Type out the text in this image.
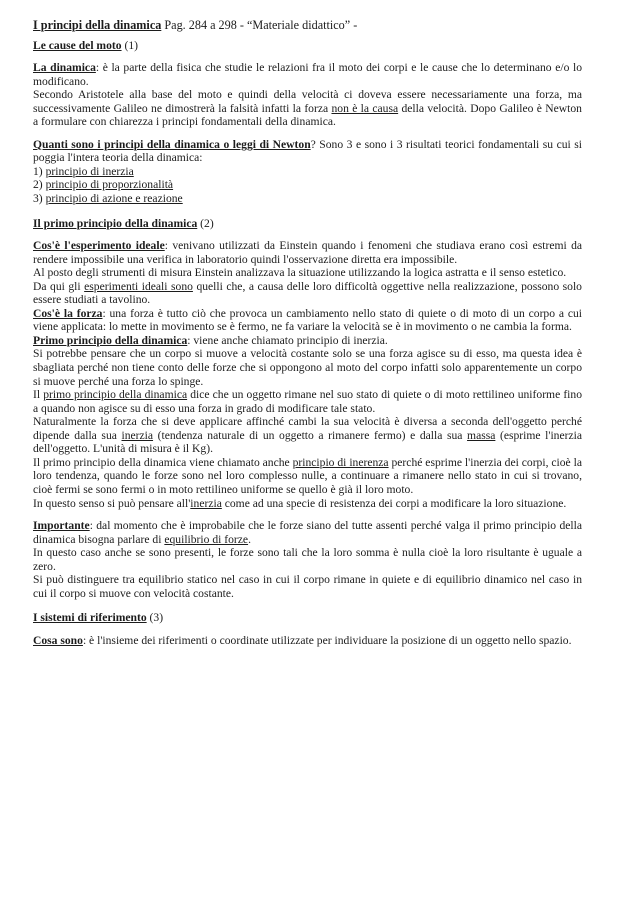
I principi della dinamica Pag. 284 a 298 - “Materiale didattico” -

Le cause del moto (1)

La dinamica: è la parte della fisica che studie le relazioni fra il moto dei corpi e le cause che lo determinano e/o lo modificano.

Secondo Aristotele alla base del moto e quindi della velocità ci doveva essere necessariamente una forza, ma successivamente Galileo ne dimostrerà la falsità infatti la forza non è la causa della velocità. Dopo Galileo è Newton a formulare con chiarezza i principi fondamentali della dinamica.

Quanti sono i principi della dinamica o leggi di Newton? Sono 3 e sono i 3 risultati teorici fondamentali su cui si poggia l'intera teoria della dinamica:

1) principio di inerzia
2) principio di proporzionalità
3) principio di azione e reazione

Il primo principio della dinamica (2)

Cos'è l'esperimento ideale: venivano utilizzati da Einstein quando i fenomeni che studiava erano così estremi da rendere impossibile una verifica in laboratorio quindi l'osservazione diretta era impossibile.

Al posto degli strumenti di misura Einstein analizzava la situazione utilizzando la logica astratta e il senso estetico.

Da qui gli esperimenti ideali sono quelli che, a causa delle loro difficoltà oggettive nella realizzazione, possono solo essere studiati a tavolino.

Cos'è la forza: una forza è tutto ciò che provoca un cambiamento nello stato di quiete o di moto di un corpo a cui viene applicata: lo mette in movimento se è fermo, ne fa variare la velocità se è in movimento o ne cambia la forma.

Primo principio della dinamica: viene anche chiamato principio di inerzia.

Si potrebbe pensare che un corpo si muove a velocità costante solo se una forza agisce su di esso, ma questa idea è sbagliata perché non tiene conto delle forze che si oppongono al moto del corpo infatti solo apparentemente un corpo si muove perché una forza lo spinge.

Il primo principio della dinamica dice che un oggetto rimane nel suo stato di quiete o di moto rettilineo uniforme fino a quando non agisce su di esso una forza in grado di modificare tale stato.

Naturalmente la forza che si deve applicare affinché cambi la sua velocità è diversa a seconda dell'oggetto perché dipende dalla sua inerzia (tendenza naturale di un oggetto a rimanere fermo) e dalla sua massa (esprime l'inerzia dell'oggetto. L'unità di misura è il Kg).

Il primo principio della dinamica viene chiamato anche principio di inerenza perché esprime l'inerzia dei corpi, cioè la loro tendenza, quando le forze sono nel loro complesso nulle, a continuare a rimanere nello stato in cui si trovano, cioè fermi se sono fermi o in moto rettilineo uniforme se quello è già il loro moto.

In questo senso si può pensare all'inerzia come ad una specie di resistenza dei corpi a modificare la loro situazione.

Importante: dal momento che è improbabile che le forze siano del tutte assenti perché valga il primo principio della dinamica bisogna parlare di equilibrio di forze.

In questo caso anche se sono presenti, le forze sono tali che la loro somma è nulla cioè la loro risultante è uguale a zero.

Si può distinguere tra equilibrio statico nel caso in cui il corpo rimane in quiete e di equilibrio dinamico nel caso in cui il corpo si muove con velocità costante.

I sistemi di riferimento (3)

Cosa sono: è l'insieme dei riferimenti o coordinate utilizzate per individuare la posizione di un oggetto nello spazio.
